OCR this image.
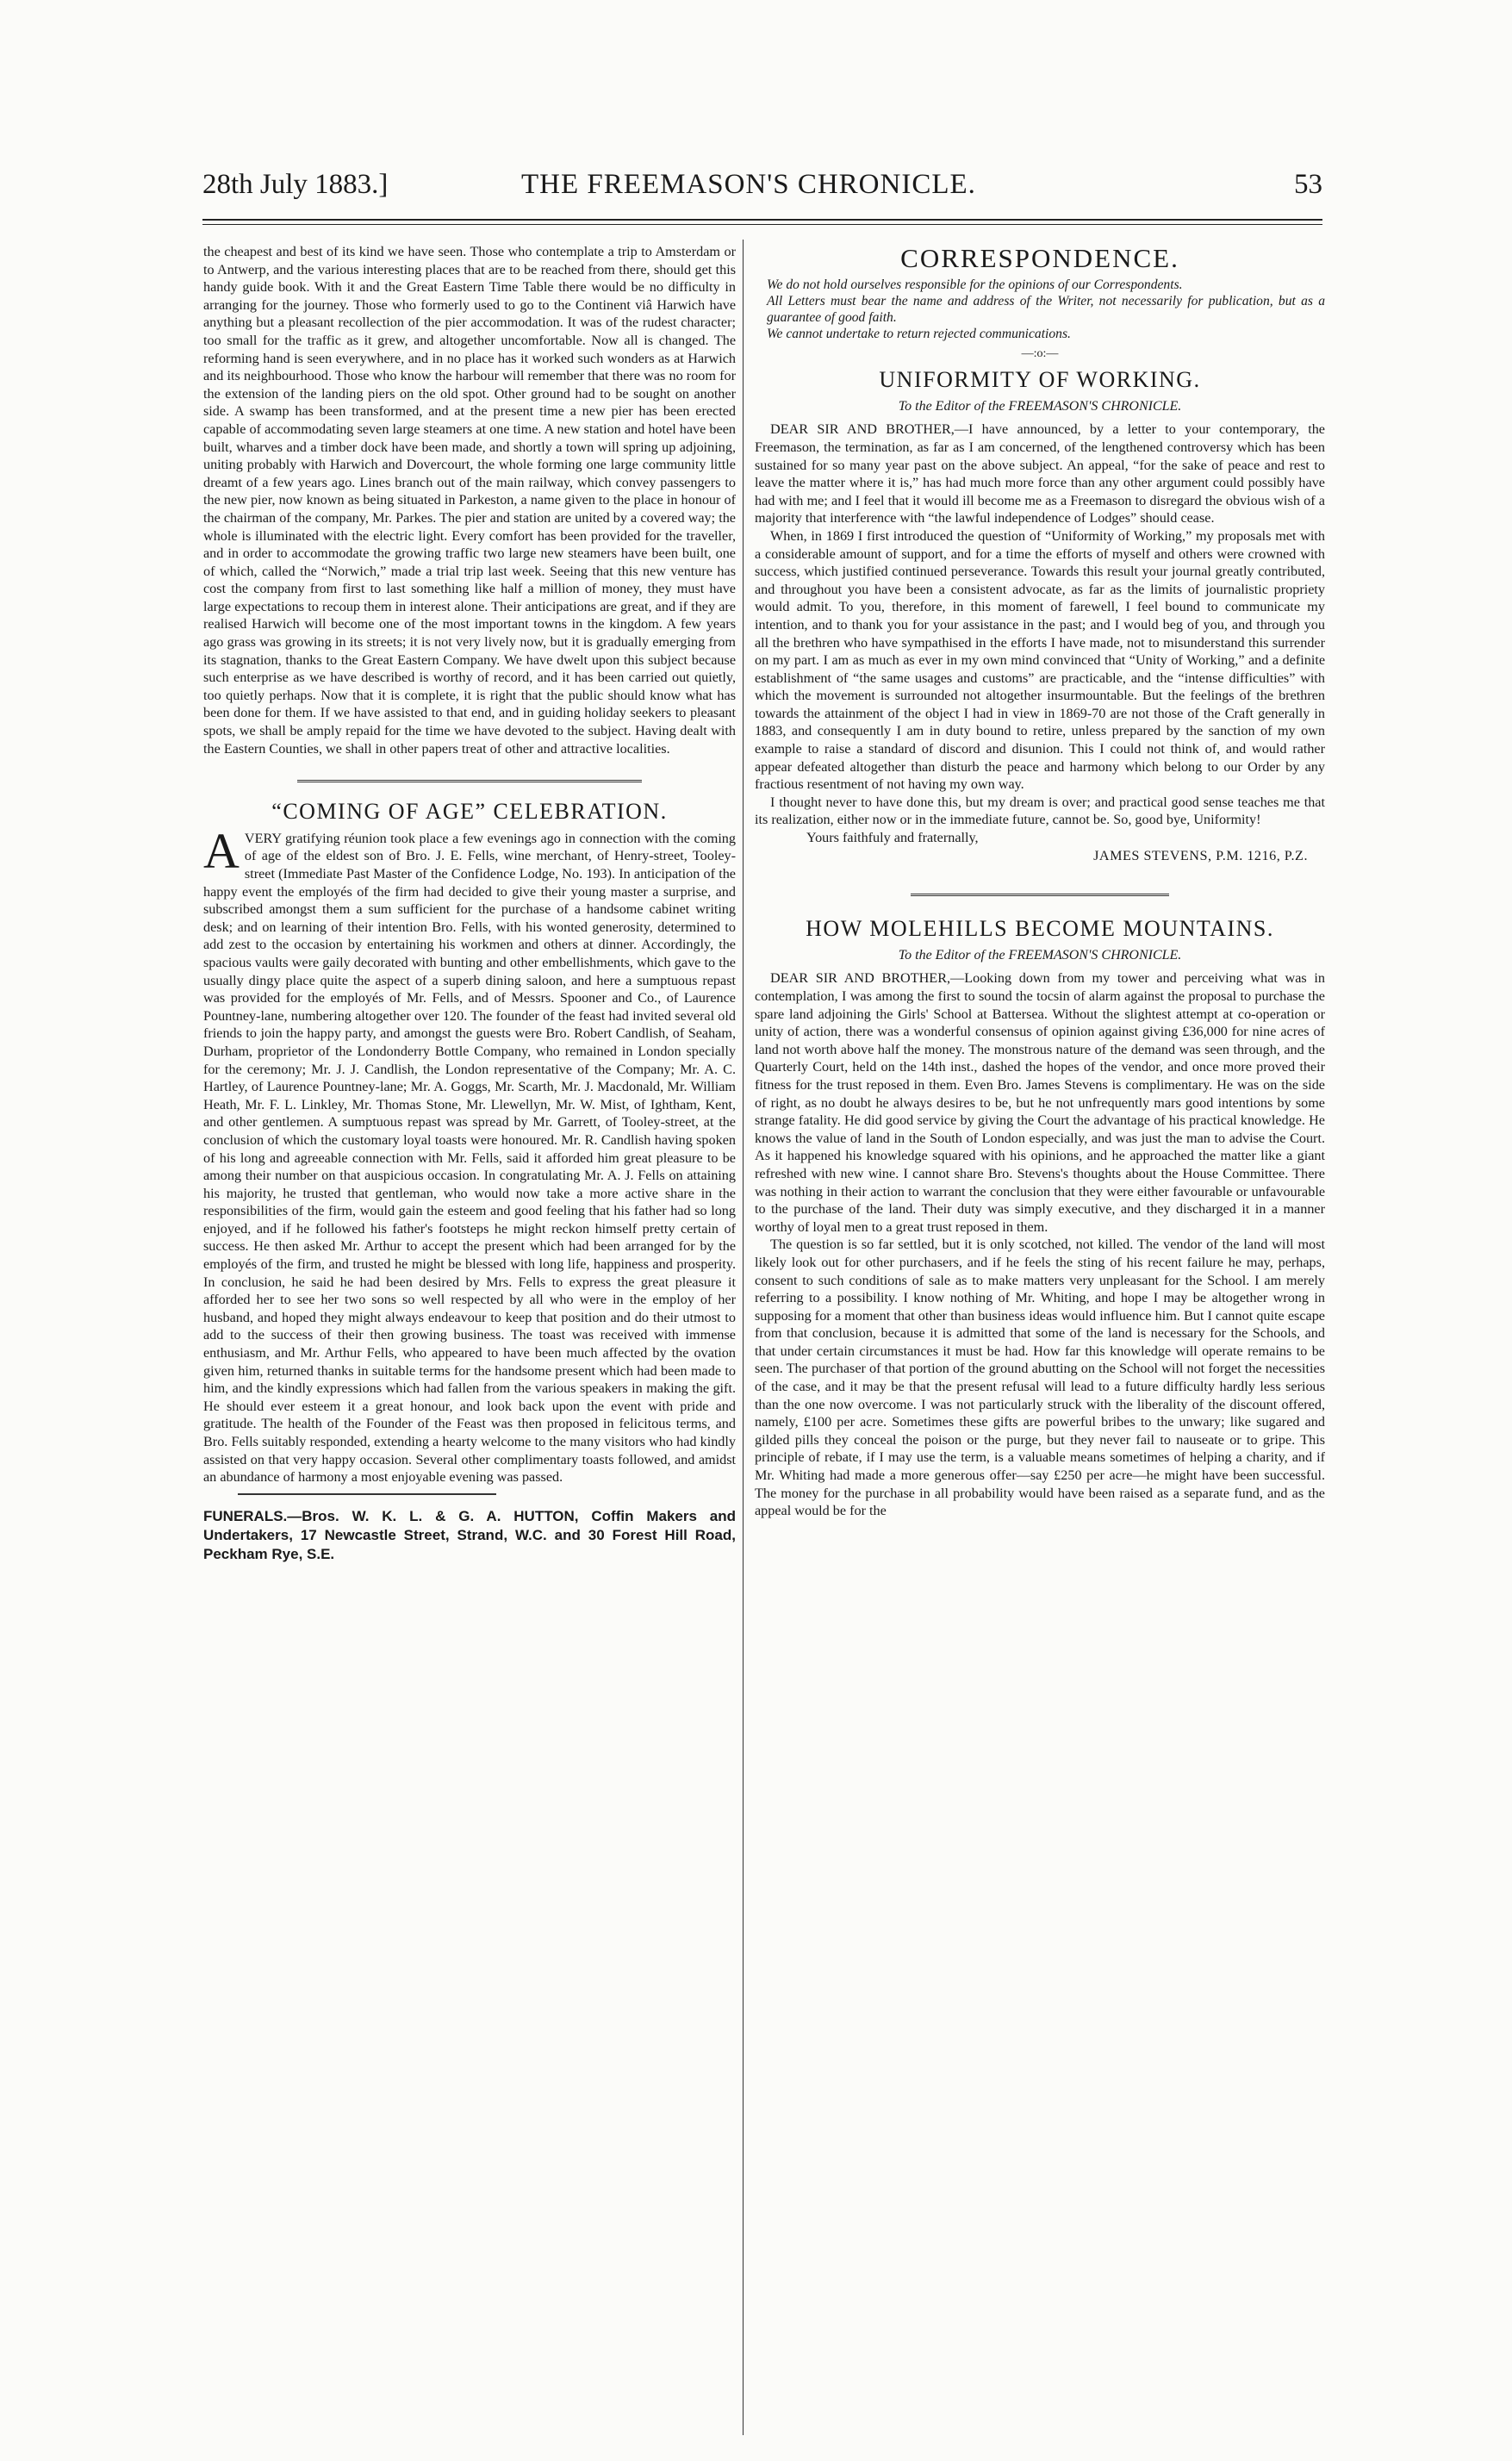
28th July 1883.]	THE FREEMASON'S CHRONICLE.	53

the cheapest and best of its kind we have seen. Those who contemplate a trip to Amsterdam or to Antwerp, and the various interesting places that are to be reached from there, should get this handy guide book. With it and the Great Eastern Time Table there would be no difficulty in arranging for the journey. Those who formerly used to go to the Continent viâ Harwich have anything but a pleasant recollection of the pier accommodation. It was of the rudest character; too small for the traffic as it grew, and altogether uncomfortable. Now all is changed. The reforming hand is seen everywhere, and in no place has it worked such wonders as at Harwich and its neighbourhood. Those who know the harbour will remember that there was no room for the extension of the landing piers on the old spot. Other ground had to be sought on another side. A swamp has been transformed, and at the present time a new pier has been erected capable of accommodating seven large steamers at one time. A new station and hotel have been built, wharves and a timber dock have been made, and shortly a town will spring up adjoining, uniting probably with Harwich and Dovercourt, the whole forming one large community little dreamt of a few years ago. Lines branch out of the main railway, which convey passengers to the new pier, now known as being situated in Parkeston, a name given to the place in honour of the chairman of the company, Mr. Parkes. The pier and station are united by a covered way; the whole is illuminated with the electric light. Every comfort has been provided for the traveller, and in order to accommodate the growing traffic two large new steamers have been built, one of which, called the “Norwich,” made a trial trip last week. Seeing that this new venture has cost the company from first to last something like half a million of money, they must have large expectations to recoup them in interest alone. Their anticipations are great, and if they are realised Harwich will become one of the most important towns in the kingdom. A few years ago grass was growing in its streets; it is not very lively now, but it is gradually emerging from its stagnation, thanks to the Great Eastern Company. We have dwelt upon this subject because such enterprise as we have described is worthy of record, and it has been carried out quietly, too quietly perhaps. Now that it is complete, it is right that the public should know what has been done for them. If we have assisted to that end, and in guiding holiday seekers to pleasant spots, we shall be amply repaid for the time we have devoted to the subject. Having dealt with the Eastern Counties, we shall in other papers treat of other and attractive localities.

“COMING OF AGE” CELEBRATION.

AVERY gratifying réunion took place a few evenings ago in connection with the coming of age of the eldest son of Bro. J. E. Fells, wine merchant, of Henry-street, Tooley-street (Immediate Past Master of the Confidence Lodge, No. 193). In anticipation of the happy event the employés of the firm had decided to give their young master a surprise, and subscribed amongst them a sum sufficient for the purchase of a handsome cabinet writing desk; and on learning of their intention Bro. Fells, with his wonted generosity, determined to add zest to the occasion by entertaining his workmen and others at dinner. Accordingly, the spacious vaults were gaily decorated with bunting and other embellishments, which gave to the usually dingy place quite the aspect of a superb dining saloon, and here a sumptuous repast was provided for the employés of Mr. Fells, and of Messrs. Spooner and Co., of Laurence Pountney-lane, numbering altogether over 120. The founder of the feast had invited several old friends to join the happy party, and amongst the guests were Bro. Robert Candlish, of Seaham, Durham, proprietor of the Londonderry Bottle Company, who remained in London specially for the ceremony; Mr. J. J. Candlish, the London representative of the Company; Mr. A. C. Hartley, of Laurence Pountney-lane; Mr. A. Goggs, Mr. Scarth, Mr. J. Macdonald, Mr. William Heath, Mr. F. L. Linkley, Mr. Thomas Stone, Mr. Llewellyn, Mr. W. Mist, of Ightham, Kent, and other gentlemen. A sumptuous repast was spread by Mr. Garrett, of Tooley-street, at the conclusion of which the customary loyal toasts were honoured. Mr. R. Candlish having spoken of his long and agreeable connection with Mr. Fells, said it afforded him great pleasure to be among their number on that auspicious occasion. In congratulating Mr. A. J. Fells on attaining his majority, he trusted that gentleman, who would now take a more active share in the responsibilities of the firm, would gain the esteem and good feeling that his father had so long enjoyed, and if he followed his father's footsteps he might reckon himself pretty certain of success. He then asked Mr. Arthur to accept the present which had been arranged for by the employés of the firm, and trusted he might be blessed with long life, happiness and prosperity. In conclusion, he said he had been desired by Mrs. Fells to express the great pleasure it afforded her to see her two sons so well respected by all who were in the employ of her husband, and hoped they might always endeavour to keep that position and do their utmost to add to the success of their then growing business. The toast was received with immense enthusiasm, and Mr. Arthur Fells, who appeared to have been much affected by the ovation given him, returned thanks in suitable terms for the handsome present which had been made to him, and the kindly expressions which had fallen from the various speakers in making the gift. He should ever esteem it a great honour, and look back upon the event with pride and gratitude. The health of the Founder of the Feast was then proposed in felicitous terms, and Bro. Fells suitably responded, extending a hearty welcome to the many visitors who had kindly assisted on that very happy occasion. Several other complimentary toasts followed, and amidst an abundance of harmony a most enjoyable evening was passed.

FUNERALS.—Bros. W. K. L. & G. A. HUTTON, Coffin Makers and Undertakers, 17 Newcastle Street, Strand, W.C. and 30 Forest Hill Road, Peckham Rye, S.E.

CORRESPONDENCE.

We do not hold ourselves responsible for the opinions of our Correspondents.

All Letters must bear the name and address of the Writer, not necessarily for publication, but as a guarantee of good faith.

We cannot undertake to return rejected communications.

—:o:—
UNIFORMITY OF WORKING.
To the Editor of the FREEMASON'S CHRONICLE.

DEAR SIR AND BROTHER,—I have announced, by a letter to your contemporary, the Freemason, the termination, as far as I am concerned, of the lengthened controversy which has been sustained for so many year past on the above subject. An appeal, “for the sake of peace and rest to leave the matter where it is,” has had much more force than any other argument could possibly have had with me; and I feel that it would ill become me as a Freemason to disregard the obvious wish of a majority that interference with “the lawful independence of Lodges” should cease.

When, in 1869 I first introduced the question of “Uniformity of Working,” my proposals met with a considerable amount of support, and for a time the efforts of myself and others were crowned with success, which justified continued perseverance. Towards this result your journal greatly contributed, and throughout you have been a consistent advocate, as far as the limits of journalistic propriety would admit. To you, therefore, in this moment of farewell, I feel bound to communicate my intention, and to thank you for your assistance in the past; and I would beg of you, and through you all the brethren who have sympathised in the efforts I have made, not to misunderstand this surrender on my part. I am as much as ever in my own mind convinced that “Unity of Working,” and a definite establishment of “the same usages and customs” are practicable, and the “intense difficulties” with which the movement is surrounded not altogether insurmountable. But the feelings of the brethren towards the attainment of the object I had in view in 1869-70 are not those of the Craft generally in 1883, and consequently I am in duty bound to retire, unless prepared by the sanction of my own example to raise a standard of discord and disunion. This I could not think of, and would rather appear defeated altogether than disturb the peace and harmony which belong to our Order by any fractious resentment of not having my own way.

I thought never to have done this, but my dream is over; and practical good sense teaches me that its realization, either now or in the immediate future, cannot be. So, good bye, Uniformity!

Yours faithfuly and fraternally,

JAMES STEVENS, P.M. 1216, P.Z.

HOW MOLEHILLS BECOME MOUNTAINS.
To the Editor of the FREEMASON'S CHRONICLE.

DEAR SIR AND BROTHER,—Looking down from my tower and perceiving what was in contemplation, I was among the first to sound the tocsin of alarm against the proposal to purchase the spare land adjoining the Girls' School at Battersea. Without the slightest attempt at co-operation or unity of action, there was a wonderful consensus of opinion against giving £36,000 for nine acres of land not worth above half the money. The monstrous nature of the demand was seen through, and the Quarterly Court, held on the 14th inst., dashed the hopes of the vendor, and once more proved their fitness for the trust reposed in them. Even Bro. James Stevens is complimentary. He was on the side of right, as no doubt he always desires to be, but he not unfrequently mars good intentions by some strange fatality. He did good service by giving the Court the advantage of his practical knowledge. He knows the value of land in the South of London especially, and was just the man to advise the Court. As it happened his knowledge squared with his opinions, and he approached the matter like a giant refreshed with new wine. I cannot share Bro. Stevens's thoughts about the House Committee. There was nothing in their action to warrant the conclusion that they were either favourable or unfavourable to the purchase of the land. Their duty was simply executive, and they discharged it in a manner worthy of loyal men to a great trust reposed in them.

The question is so far settled, but it is only scotched, not killed. The vendor of the land will most likely look out for other purchasers, and if he feels the sting of his recent failure he may, perhaps, consent to such conditions of sale as to make matters very unpleasant for the School. I am merely referring to a possibility. I know nothing of Mr. Whiting, and hope I may be altogether wrong in supposing for a moment that other than business ideas would influence him. But I cannot quite escape from that conclusion, because it is admitted that some of the land is necessary for the Schools, and that under certain circumstances it must be had. How far this knowledge will operate remains to be seen. The purchaser of that portion of the ground abutting on the School will not forget the necessities of the case, and it may be that the present refusal will lead to a future difficulty hardly less serious than the one now overcome. I was not particularly struck with the liberality of the discount offered, namely, £100 per acre. Sometimes these gifts are powerful bribes to the unwary; like sugared and gilded pills they conceal the poison or the purge, but they never fail to nauseate or to gripe. This principle of rebate, if I may use the term, is a valuable means sometimes of helping a charity, and if Mr. Whiting had made a more generous offer—say £250 per acre—he might have been successful. The money for the purchase in all probability would have been raised as a separate fund, and as the appeal would be for the
